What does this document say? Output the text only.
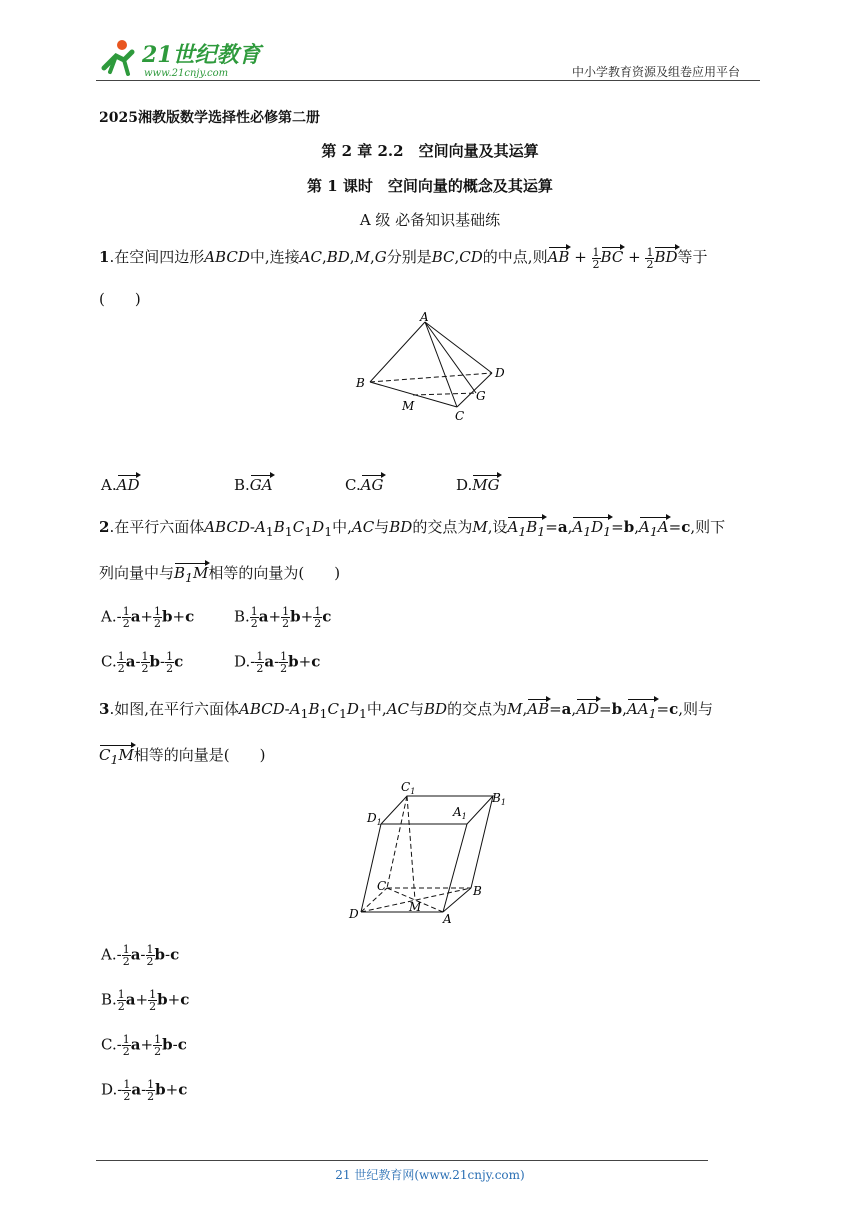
21世纪教育
www.21cnjy.com	中小学教育资源及组卷应用平台
2025湘教版数学选择性必修第二册
第 2 章 2.2　空间向量及其运算
第 1 课时　空间向量的概念及其运算
A 级 必备知识基础练
1.在空间四边形ABCD中,连接AC,BD,M,G分别是BC,CD的中点,则AB + $\frac{1}{2}$ BC + $\frac{1}{2}$ BD等于
(　　)
A
B
C
D
M
G
A.AD	B.GA	C.AG	D.MG
2.在平行六面体ABCD-$A_1B_1C_1D_1$中,AC与BD的交点为M,设$A_1B_1=a,A_1D_1=b,A_1A=c$,则下
列向量中与$B_1M$相等的向量为(　　)
$A.- \frac{1}{2} a+ \frac{1}{2} b+c$	B. $\frac{1}{2} a+ \frac{1}{2} b+ \frac{1}{2}$ c
C. $\frac{1}{2} a- \frac{1}{2} b- \frac{1}{2}$ c	$D.- \frac{1}{2} a- \frac{1}{2} b+c$
3.如图,在平行六面体ABCD-$A_1B_1C_1D_1$中,AC与BD的交点为$M,AB=a,AD=b,AA_1=c$,则与
$C_1M$相等的向量是(　　)
$C_1$
$A_1$
$B_1$
$D_1$
C	B
D	A
M
$A.- \frac{1}{2} a- \frac{1}{2} b-c$
B. $\frac{1}{2} a+ \frac{1}{2} b+c$
$C.- \frac{1}{2} a+ \frac{1}{2} b-c$
$D.- \frac{1}{2} a- \frac{1}{2} b+c$
21 世纪教育网(www.21cnjy.com)
